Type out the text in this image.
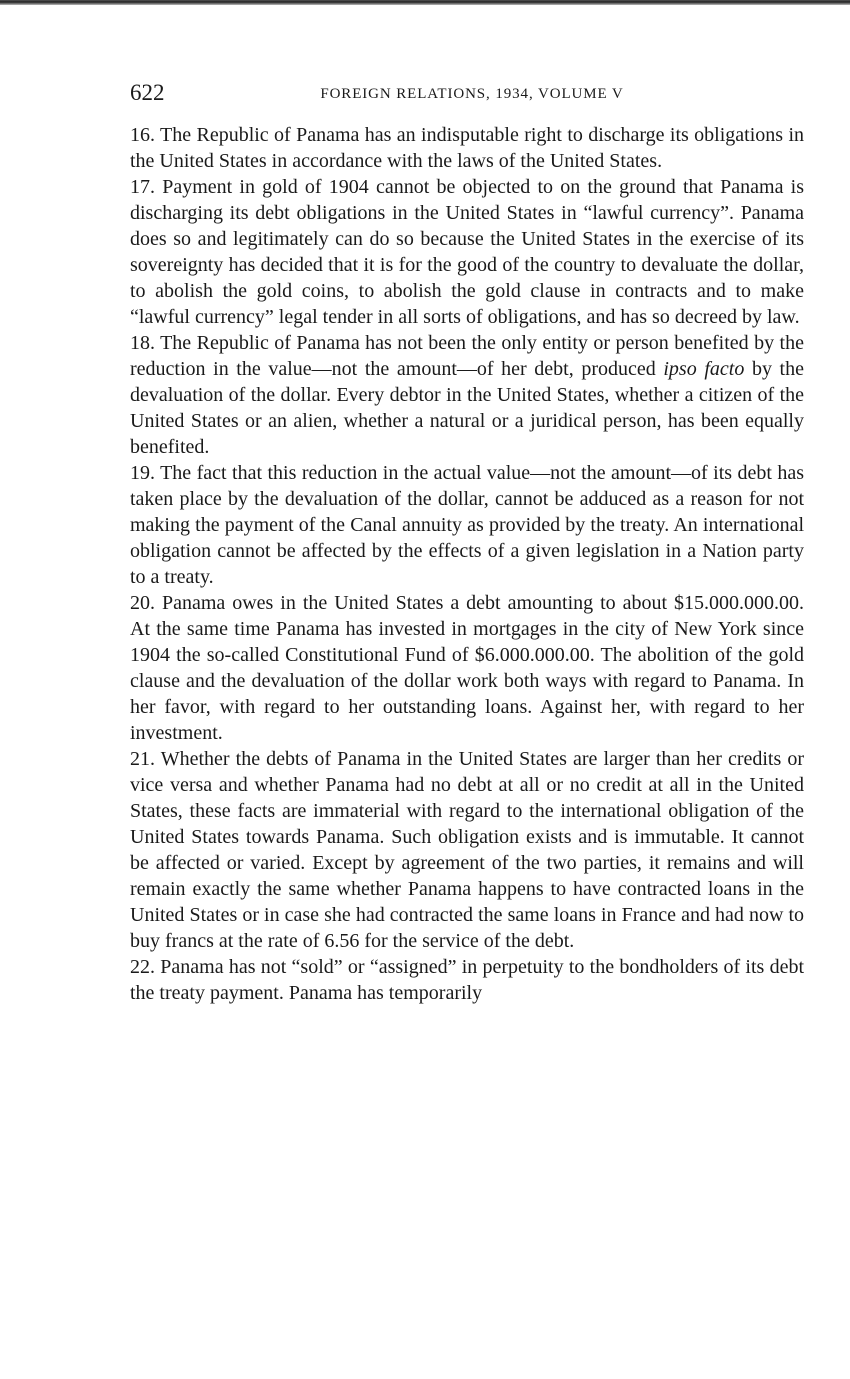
622	FOREIGN RELATIONS, 1934, VOLUME V

16. The Republic of Panama has an indisputable right to discharge its obligations in the United States in accordance with the laws of the United States.

17. Payment in gold of 1904 cannot be objected to on the ground that Panama is discharging its debt obligations in the United States in “lawful currency”. Panama does so and legitimately can do so because the United States in the exercise of its sovereignty has decided that it is for the good of the country to devaluate the dollar, to abolish the gold coins, to abolish the gold clause in contracts and to make “lawful currency” legal tender in all sorts of obligations, and has so decreed by law.

18. The Republic of Panama has not been the only entity or person benefited by the reduction in the value—not the amount—of her debt, produced ipso facto by the devaluation of the dollar. Every debtor in the United States, whether a citizen of the United States or an alien, whether a natural or a juridical person, has been equally benefited.

19. The fact that this reduction in the actual value—not the amount—of its debt has taken place by the devaluation of the dollar, cannot be adduced as a reason for not making the payment of the Canal annuity as provided by the treaty. An international obligation cannot be affected by the effects of a given legislation in a Nation party to a treaty.

20. Panama owes in the United States a debt amounting to about $15.000.000.00. At the same time Panama has invested in mortgages in the city of New York since 1904 the so-called Constitutional Fund of $6.000.000.00. The abolition of the gold clause and the devaluation of the dollar work both ways with regard to Panama. In her favor, with regard to her outstanding loans. Against her, with regard to her investment.

21. Whether the debts of Panama in the United States are larger than her credits or vice versa and whether Panama had no debt at all or no credit at all in the United States, these facts are immaterial with regard to the international obligation of the United States towards Panama. Such obligation exists and is immutable. It cannot be affected or varied. Except by agreement of the two parties, it remains and will remain exactly the same whether Panama happens to have contracted loans in the United States or in case she had contracted the same loans in France and had now to buy francs at the rate of 6.56 for the service of the debt.

22. Panama has not “sold” or “assigned” in perpetuity to the bondholders of its debt the treaty payment. Panama has temporarily
